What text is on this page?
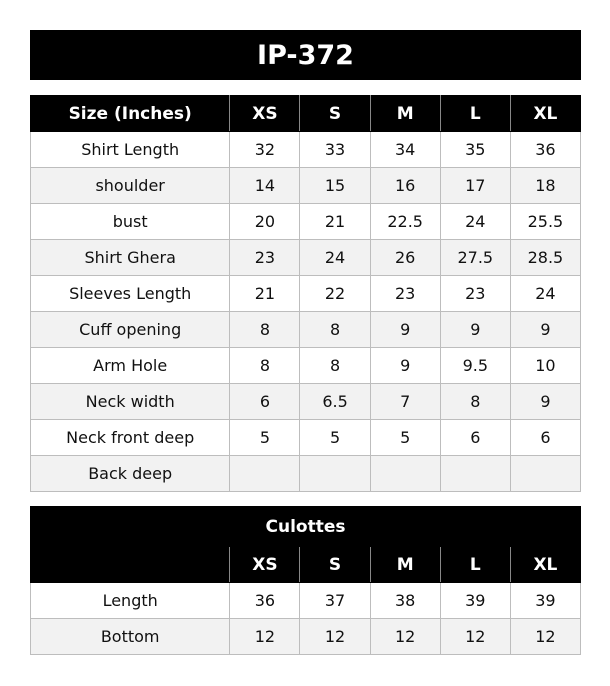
IP-372
Size (Inches)	XS	S	M	L	XL
Shirt Length	32	33	34	35	36
shoulder	14	15	16	17	18
bust	20	21	22.5	24	25.5
Shirt Ghera	23	24	26	27.5	28.5
Sleeves Length	21	22	23	23	24
Cuff opening	8	8	9	9	9
Arm Hole	8	8	9	9.5	10
Neck width	6	6.5	7	8	9
Neck front deep	5	5	5	6	6
Back deep					
Culottes					
	XS	S	M	L	XL
Length	36	37	38	39	39
Bottom	12	12	12	12	12
